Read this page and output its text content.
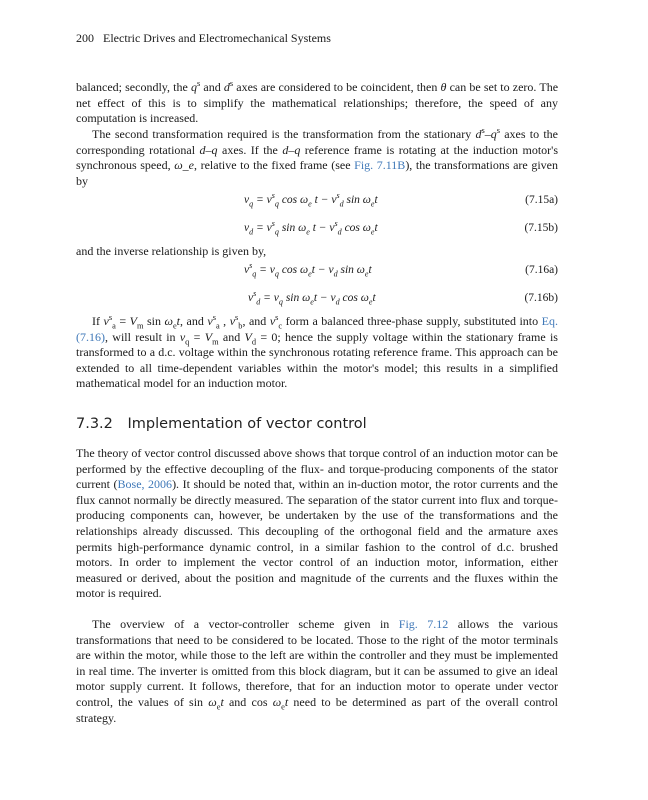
200 Electric Drives and Electromechanical Systems

balanced; secondly, the $q^s$ and $d^s$ axes are considered to be coincident, then θ can be set to zero. The net effect of this is to simplify the mathematical relationships; therefore, the speed of any computation is increased.

The second transformation required is the transformation from the stationary $d^s-q^s$ axes to the corresponding rotational d–q axes. If the d–q reference frame is rotating at the induction motor's synchronous speed, ω_e, relative to the fixed frame (see Fig. 7.11B), the transformations are given by

$v_q = v^s_q$ $\cos \omega_e$ $t - v^s_d$ $\sin \omega_et$	(7.15a)
$v_d = v^s_q$ $\sin \omega_e$ $t - v^s_d$ $\cos \omega_et$	(7.15b)

and the inverse relationship is given by,

$v^s_q = v_q$ $\cos \omega_et - v_d$ $\sin \omega_et$	(7.16a)
$v^s_d = v_q$ $\sin \omega_et - v_d$ $\cos \omega_et$	(7.16b)

If $v^s_a = V_m$ $\sin \omega_et$, and $v^s_a$ , $v^s_b$, and $v^s_c$ form a balanced three-phase supply, substituted into Eq. (7.16), will result in $v_q = V_m$ and $V_d = 0$; hence the supply voltage within the stationary frame is transformed to a d.c. voltage within the synchronous rotating reference frame. This approach can be extended to all time-dependent variables within the motor's model; this results in a simplified mathematical model for an induction motor.

7.3.2 Implementation of vector control

The theory of vector control discussed above shows that torque control of an induction motor can be performed by the effective decoupling of the flux- and torque-producing components of the stator current (Bose, 2006). It should be noted that, within an in-duction motor, the rotor currents and the flux cannot normally be directly measured. The separation of the stator current into flux and torque-producing components can, however, be undertaken by the use of the transformations and the relationships already discussed. This decoupling of the orthogonal field and the armature axes permits high-performance dynamic control, in a similar fashion to the control of d.c. brushed motors. In order to implement the vector control of an induction motor, information, either measured or derived, about the position and magnitude of the currents and the fluxes within the motor is required.

The overview of a vector-controller scheme given in Fig. 7.12 allows the various transformations that need to be considered to be located. Those to the right of the motor terminals are within the motor, while those to the left are within the controller and they must be implemented in real time. The inverter is omitted from this block diagram, but it can be assumed to give an ideal motor supply current. It follows, therefore, that for an induction motor to operate under vector control, the values of $\sin \omega_et$ and $\cos \omega_et$ need to be determined as part of the overall control strategy.
